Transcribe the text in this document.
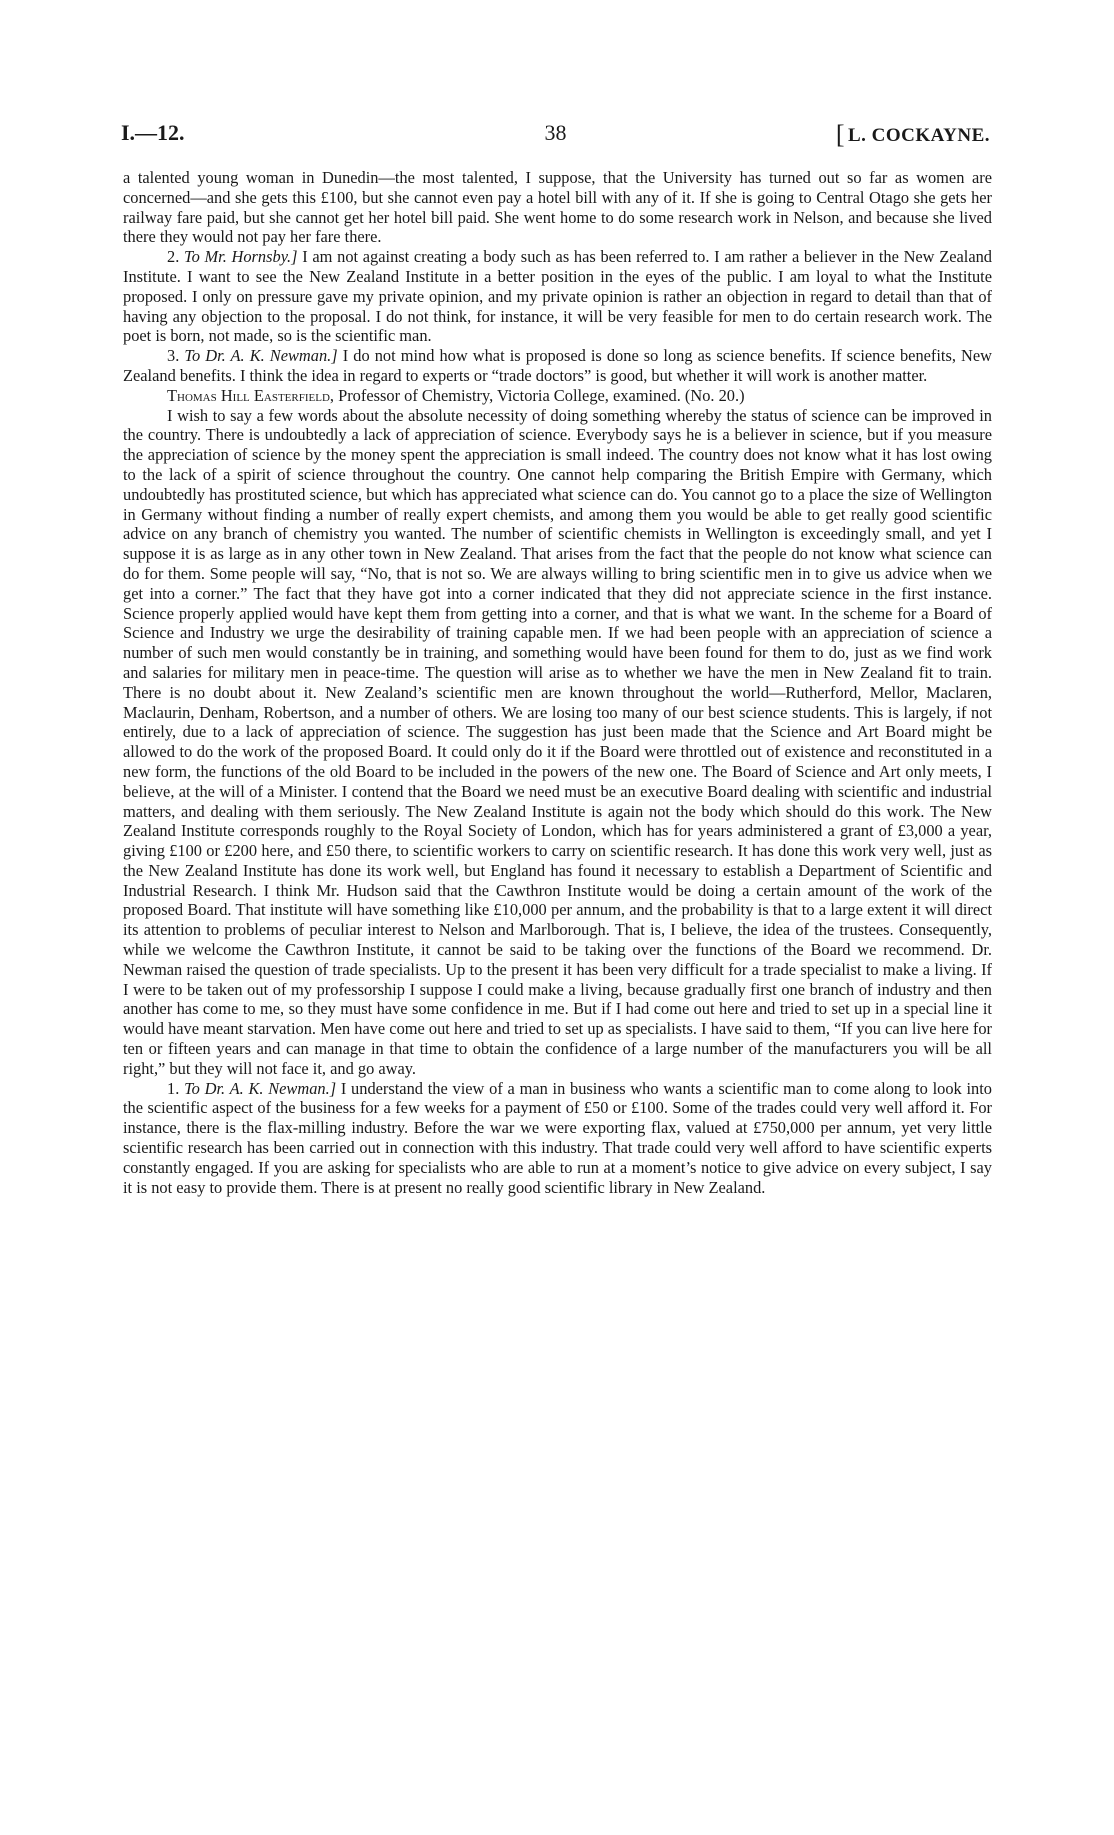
I.—12.	38	[ L. COCKAYNE.

a talented young woman in Dunedin—the most talented, I suppose, that the University has turned out so far as women are concerned—and she gets this £100, but she cannot even pay a hotel bill with any of it. If she is going to Central Otago she gets her railway fare paid, but she cannot get her hotel bill paid. She went home to do some research work in Nelson, and because she lived there they would not pay her fare there.

2. To Mr. Hornsby.] I am not against creating a body such as has been referred to. I am rather a believer in the New Zealand Institute. I want to see the New Zealand Institute in a better position in the eyes of the public. I am loyal to what the Institute proposed. I only on pressure gave my private opinion, and my private opinion is rather an objection in regard to detail than that of having any objection to the proposal. I do not think, for instance, it will be very feasible for men to do certain research work. The poet is born, not made, so is the scientific man.

3. To Dr. A. K. Newman.] I do not mind how what is proposed is done so long as science benefits. If science benefits, New Zealand benefits. I think the idea in regard to experts or “trade doctors” is good, but whether it will work is another matter.

Thomas Hill Easterfield, Professor of Chemistry, Victoria College, examined. (No. 20.)

I wish to say a few words about the absolute necessity of doing something whereby the status of science can be improved in the country. There is undoubtedly a lack of appreciation of science. Everybody says he is a believer in science, but if you measure the appreciation of science by the money spent the appreciation is small indeed. The country does not know what it has lost owing to the lack of a spirit of science throughout the country. One cannot help comparing the British Empire with Germany, which undoubtedly has prostituted science, but which has appreciated what science can do. You cannot go to a place the size of Wellington in Germany without finding a number of really expert chemists, and among them you would be able to get really good scientific advice on any branch of chemistry you wanted. The number of scientific chemists in Wellington is exceedingly small, and yet I suppose it is as large as in any other town in New Zealand. That arises from the fact that the people do not know what science can do for them. Some people will say, “No, that is not so. We are always willing to bring scientific men in to give us advice when we get into a corner.” The fact that they have got into a corner indicated that they did not appreciate science in the first instance. Science properly applied would have kept them from getting into a corner, and that is what we want. In the scheme for a Board of Science and Industry we urge the desirability of training capable men. If we had been people with an appreciation of science a number of such men would constantly be in training, and something would have been found for them to do, just as we find work and salaries for military men in peace-time. The question will arise as to whether we have the men in New Zealand fit to train. There is no doubt about it. New Zealand’s scientific men are known throughout the world—Rutherford, Mellor, Maclaren, Maclaurin, Denham, Robertson, and a number of others. We are losing too many of our best science students. This is largely, if not entirely, due to a lack of appreciation of science. The suggestion has just been made that the Science and Art Board might be allowed to do the work of the proposed Board. It could only do it if the Board were throttled out of existence and reconstituted in a new form, the functions of the old Board to be included in the powers of the new one. The Board of Science and Art only meets, I believe, at the will of a Minister. I contend that the Board we need must be an executive Board dealing with scientific and industrial matters, and dealing with them seriously. The New Zealand Institute is again not the body which should do this work. The New Zealand Institute corresponds roughly to the Royal Society of London, which has for years administered a grant of £3,000 a year, giving £100 or £200 here, and £50 there, to scientific workers to carry on scientific research. It has done this work very well, just as the New Zealand Institute has done its work well, but England has found it necessary to establish a Department of Scientific and Industrial Research. I think Mr. Hudson said that the Cawthron Institute would be doing a certain amount of the work of the proposed Board. That institute will have something like £10,000 per annum, and the probability is that to a large extent it will direct its attention to problems of peculiar interest to Nelson and Marlborough. That is, I believe, the idea of the trustees. Consequently, while we welcome the Cawthron Institute, it cannot be said to be taking over the functions of the Board we recommend. Dr. Newman raised the question of trade specialists. Up to the present it has been very difficult for a trade specialist to make a living. If I were to be taken out of my professorship I suppose I could make a living, because gradually first one branch of industry and then another has come to me, so they must have some confidence in me. But if I had come out here and tried to set up in a special line it would have meant starvation. Men have come out here and tried to set up as specialists. I have said to them, “If you can live here for ten or fifteen years and can manage in that time to obtain the confidence of a large number of the manufacturers you will be all right,” but they will not face it, and go away.

1. To Dr. A. K. Newman.] I understand the view of a man in business who wants a scientific man to come along to look into the scientific aspect of the business for a few weeks for a payment of £50 or £100. Some of the trades could very well afford it. For instance, there is the flax-milling industry. Before the war we were exporting flax, valued at £750,000 per annum, yet very little scientific research has been carried out in connection with this industry. That trade could very well afford to have scientific experts constantly engaged. If you are asking for specialists who are able to run at a moment’s notice to give advice on every subject, I say it is not easy to provide them. There is at present no really good scientific library in New Zealand.
